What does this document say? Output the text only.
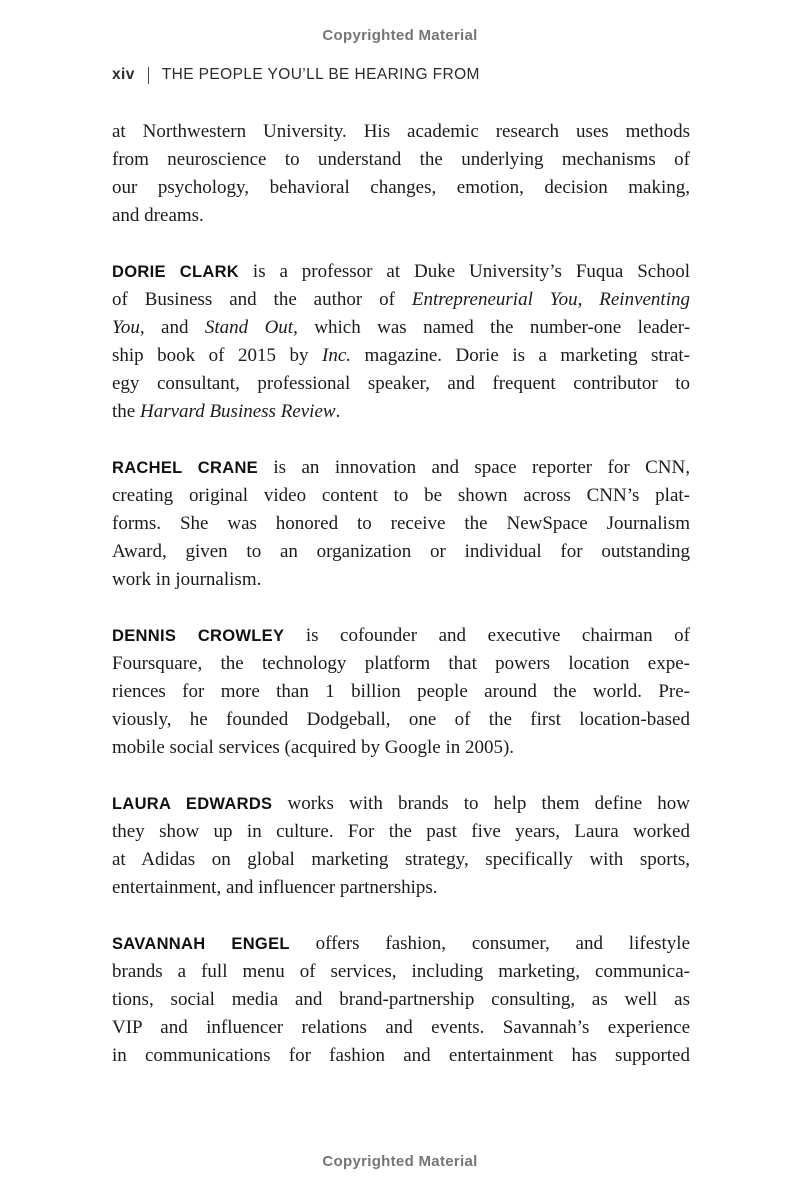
Copyrighted Material
xiv THE PEOPLE YOU’LL BE HEARING FROM
at Northwestern University. His academic research uses methods
from neuroscience to understand the underlying mechanisms of
our psychology, behavioral changes, emotion, decision making,
and dreams.
DORIE CLARK is a professor at Duke University’s Fuqua School
of Business and the author of Entrepreneurial You, Reinventing
You, and Stand Out, which was named the number-one leader-
ship book of 2015 by Inc. magazine. Dorie is a marketing strat-
egy consultant, professional speaker, and frequent contributor to
the Harvard Business Review.
RACHEL CRANE is an innovation and space reporter for CNN,
creating original video content to be shown across CNN’s plat-
forms. She was honored to receive the NewSpace Journalism
Award, given to an organization or individual for outstanding
work in journalism.
DENNIS CROWLEY is cofounder and executive chairman of
Foursquare, the technology platform that powers location expe-
riences for more than 1 billion people around the world. Pre-
viously, he founded Dodgeball, one of the first location-based
mobile social services (acquired by Google in 2005).
LAURA EDWARDS works with brands to help them define how
they show up in culture. For the past five years, Laura worked
at Adidas on global marketing strategy, specifically with sports,
entertainment, and influencer partnerships.
SAVANNAH ENGEL offers fashion, consumer, and lifestyle
brands a full menu of services, including marketing, communica-
tions, social media and brand-partnership consulting, as well as
VIP and influencer relations and events. Savannah’s experience
in communications for fashion and entertainment has supported
Copyrighted Material
